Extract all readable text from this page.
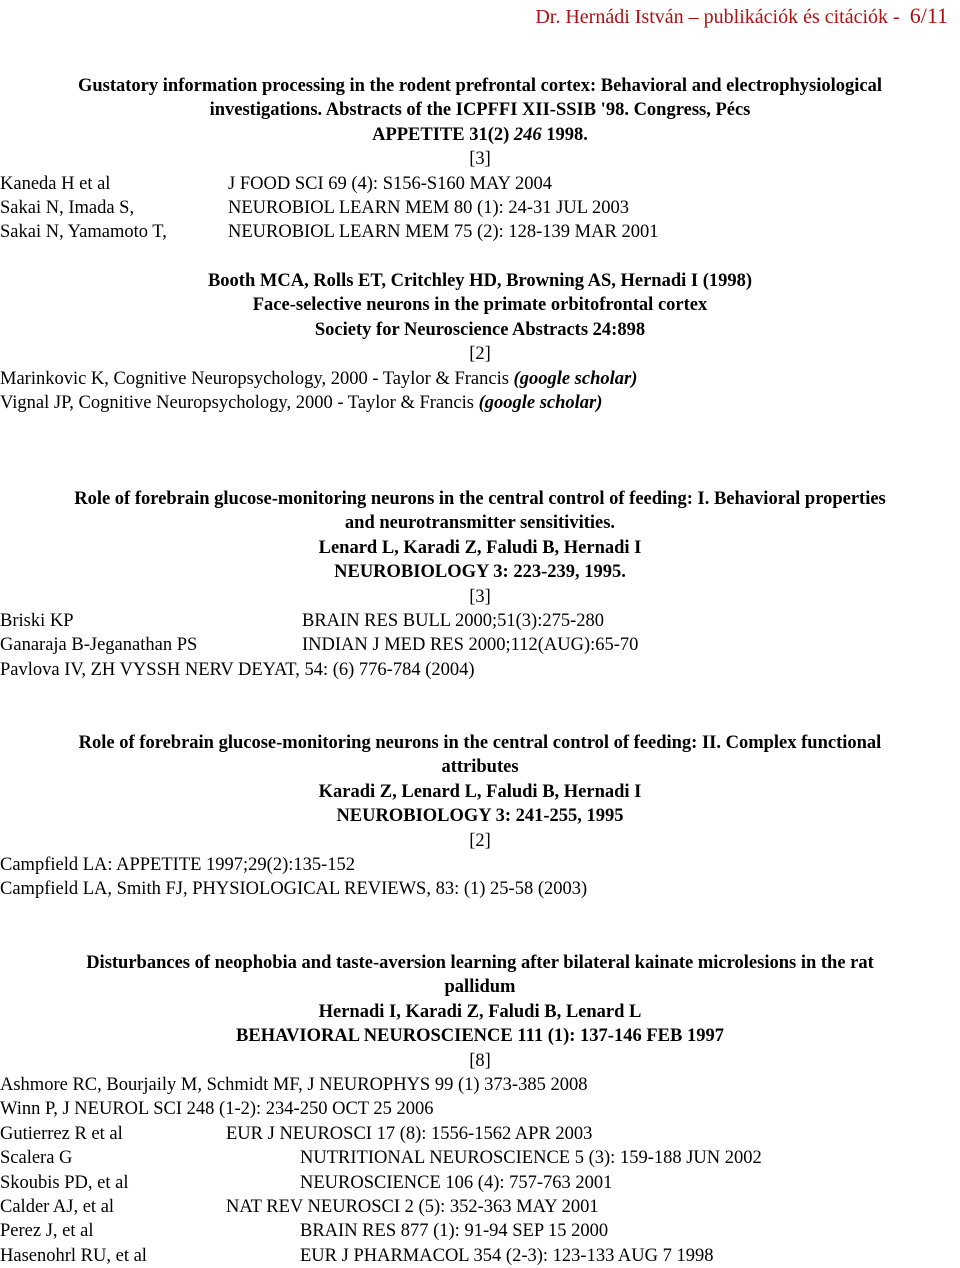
Dr. Hernádi István – publikációk és citációk - 6/11
Gustatory information processing in the rodent prefrontal cortex: Behavioral and electrophysiological
investigations. Abstracts of the ICPFFI XII-SSIB '98. Congress, Pécs
APPETITE 31(2) 246 1998.
[3]
Kaneda H et al	J FOOD SCI 69 (4): S156-S160 MAY 2004
Sakai N, Imada S,	NEUROBIOL LEARN MEM 80 (1): 24-31 JUL 2003
Sakai N, Yamamoto T,	NEUROBIOL LEARN MEM 75 (2): 128-139 MAR 2001
Booth MCA, Rolls ET, Critchley HD, Browning AS, Hernadi I (1998)
Face-selective neurons in the primate orbitofrontal cortex
Society for Neuroscience Abstracts 24:898
[2]
Marinkovic K, Cognitive Neuropsychology, 2000 - Taylor & Francis (google scholar)
Vignal JP, Cognitive Neuropsychology, 2000 - Taylor & Francis (google scholar)
Role of forebrain glucose-monitoring neurons in the central control of feeding: I. Behavioral properties
and neurotransmitter sensitivities.
Lenard L, Karadi Z, Faludi B, Hernadi I
NEUROBIOLOGY 3: 223-239, 1995.
[3]
Briski KP	BRAIN RES BULL 2000;51(3):275-280
Ganaraja B-Jeganathan PS	INDIAN J MED RES 2000;112(AUG):65-70
Pavlova IV, ZH VYSSH NERV DEYAT, 54: (6) 776-784 (2004)
Role of forebrain glucose-monitoring neurons in the central control of feeding: II. Complex functional
attributes
Karadi Z, Lenard L, Faludi B, Hernadi I
NEUROBIOLOGY 3: 241-255, 1995
[2]
Campfield LA: APPETITE 1997;29(2):135-152
Campfield LA, Smith FJ, PHYSIOLOGICAL REVIEWS, 83: (1) 25-58 (2003)
Disturbances of neophobia and taste-aversion learning after bilateral kainate microlesions in the rat
pallidum
Hernadi I, Karadi Z, Faludi B, Lenard L
BEHAVIORAL NEUROSCIENCE 111 (1): 137-146 FEB 1997
[8]
Ashmore RC, Bourjaily M, Schmidt MF, J NEUROPHYS 99 (1) 373-385 2008
Winn P, J NEUROL SCI 248 (1-2): 234-250 OCT 25 2006
Gutierrez R et al	EUR J NEUROSCI 17 (8): 1556-1562 APR 2003
Scalera G	NUTRITIONAL NEUROSCIENCE 5 (3): 159-188 JUN 2002
Skoubis PD, et al	NEUROSCIENCE 106 (4): 757-763 2001
Calder AJ, et al	NAT REV NEUROSCI 2 (5): 352-363 MAY 2001
Perez J, et al	BRAIN RES 877 (1): 91-94 SEP 15 2000
Hasenohrl RU, et al	EUR J PHARMACOL 354 (2-3): 123-133 AUG 7 1998
